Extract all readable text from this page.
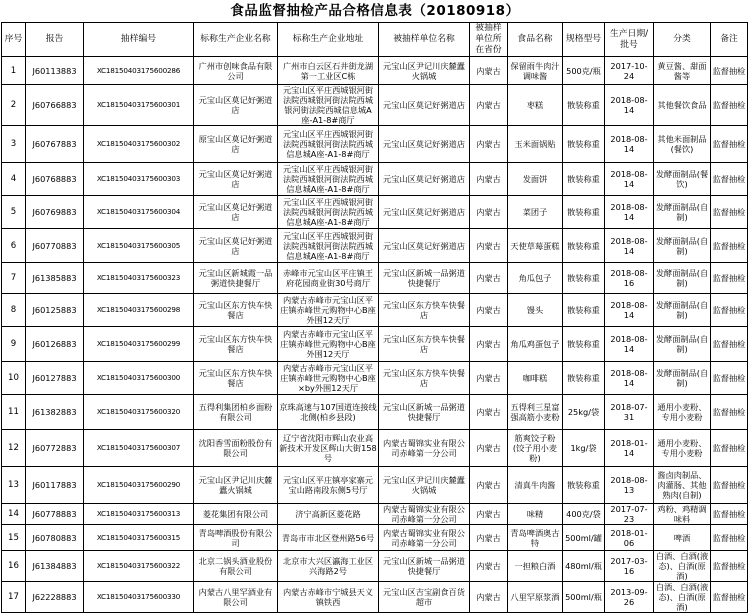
食品监督抽检产品合格信息表（20180918）
序号	报告	抽样编号	标称生产企业名称	标称生产企业地址	被抽样单位名称	被抽样单位所在省份	食品名称	规格型号	生产日期/批号	分类	备注
1	J60113883	XC18150403175600286	广州市创味食品有限公司	广州市白云区石井街龙湖第一工业区C栋	元宝山区尹记川庆麓蠹火锅城	内蒙古	保留雨牛肉汁调味酱	500克/瓶	2017-10-24	黄豆酱、甜面酱等	监督抽检
2	J60766883	XC18150403175600301	元宝山区莫记好粥道店	元宝山区平庄西城银河街法院西城银河街法院西城银河街法院西城信息城A座-A1-8#商厅	元宝山区莫记好粥道店	内蒙古	枣糕	散装称重	2018-08-14	其他餐饮食品	监督抽检
3	J60767883	XC18150403175600302	原宝山区莫记好粥道店	元宝山区平庄西城银河街法院西城银河街法院西城信息城A座-A1-8#商厅	元宝山区莫记好粥道店	内蒙古	玉米面锅贴	散装称重	2018-08-14	其他米面制品(餐饮)	监督抽检
4	J60768883	XC18150403175600303	元宝山区莫记好粥道店	元宝山区平庄西城银河街法院西城银河街法院西城信息城A座-A1-8#商厅	元宝山区莫记好粥道店	内蒙古	发面饼	散装称重	2018-08-14	发酵面制品(餐饮)	监督抽检
5	J60769883	XC18150403175600304	元宝山区莫记好粥道店	元宝山区平庄西城银河街法院西城银河街法院西城信息城A座-A1-8#商厅	元宝山区莫记好粥道店	内蒙古	菜团子	散装称重	2018-08-14	发酵面制品(自制)	监督抽检
6	J60770883	XC18150403175600305	元宝山区莫记好粥道店	元宝山区平庄西城银河街法院西城银河街法院西城信息城A座-A1-8#商厅	元宝山区莫记好粥道店	内蒙古	天使草莓蛋糕	散装称重	2018-08-14	发酵面制品(自制)	监督抽检
7	J61385883	XC18150403175600323	元宝山区新城霞一品粥道快捷餐厅	赤峰市元宝山区平庄镇王府花园商业街30号商厅	元宝山区新城一品粥道快捷餐厅	内蒙古	角瓜包子	散装称重	2018-08-16	发酵面制品(自制)	监督抽检
8	J60125883	XC18150403175600298	元宝山区东方快车快餐店	内蒙古赤峰市元宝山区平庄镇赤峰世元购物中心B座外围12天厅	元宝山区东方快车快餐店	内蒙古	馒头	散装称重	2018-08-14	发酵面制品(自制)	监督抽检
9	J60126883	XC18150403175600299	元宝山区东方快车快餐店	内蒙古赤峰市元宝山区平庄镇赤峰世元购物中心B座外围12天厅	元宝山区东方快车快餐店	内蒙古	角瓜鸡蛋包子	散装称重	2018-08-14	发酵面制品(自制)	监督抽检
10	J60127883	XC18150403175600300	元宝山区东方快车快餐店	内蒙古赤峰市元宝山区平庄镇赤峰世元购物中心B座×by外围12天厅	元宝山区东方快车快餐店	内蒙古	咖啡糕	散装称重	2018-08-14	发酵面制品(自制)	监督抽检
11	J61382883	XC18150403175600320	五得利集团柏乡面粉有限公司	京珠高速与107国道连接线北侧(柏乡县段)	元宝山区新城一品粥道快捷餐厅	内蒙古	五得利三星富强高筋小麦粉	25kg/袋	2018-07-31	通用小麦粉、专用小麦粉	监督抽检
12	J60772883	XC18150403175600307	沈阳香雪面粉股份有限公司	辽宁省沈阳市辉山农业高新技术开发区辉山大街158号	内蒙古蜀锦实业有限公司赤峰第一分公司	内蒙古	筋爽饺子粉(饺子用小麦粉)	1kg/袋	2018-01-14	通用小麦粉、专用小麦粉	监督抽检
13	J60117883	XC18150403175600290	元宝山区尹记川庆麓蠹火锅城	元宝山区平庄镇亭家寨元宝山路南段东侧5号厅	元宝山区尹记川庆麓蠹火锅城	内蒙古	清真牛肉酱	散装称重	2018-08-13	酱卤肉制品、肉灌肠、其他熟肉(自制)	监督抽检
14	J60778883	XC18150403175600313	菱花集团有限公司	济宁高新区菱花路	内蒙古蜀锦实业有限公司赤峰第一分公司	内蒙古	味精	400克/袋	2017-07-23	鸡粉、鸡精调味料	监督抽检
15	J60780883	XC18150403175600315	青岛啤酒股份有限公司	青岛市市北区登州路56号	内蒙古蜀锦实业有限公司赤峰第一分公司	内蒙古	青岛啤酒奥古特	500ml/罐	2018-01-06	啤酒	监督抽检
16	J61384883	XC18150403175600322	北京二锅头酒业股份有限公司	北京市大兴区瀛海工业区兴海路2号	元宝山区新城一品粥道快捷餐厅	内蒙古	一担粮白酒	480ml/瓶	2017-03-16	白酒、白酒(液态)、白酒(原酒)	监督抽检
17	J62228883	XC18150403175600330	内蒙古八里罕酒业有限公司	内蒙古赤峰市宁城县天义镇铁西	元宝山区吉宝副食百货超市	内蒙古	八里罕原浆酒	500ml/瓶	2013-09-26	白酒、白酒(液态)、白酒(原酒)	监督抽检
